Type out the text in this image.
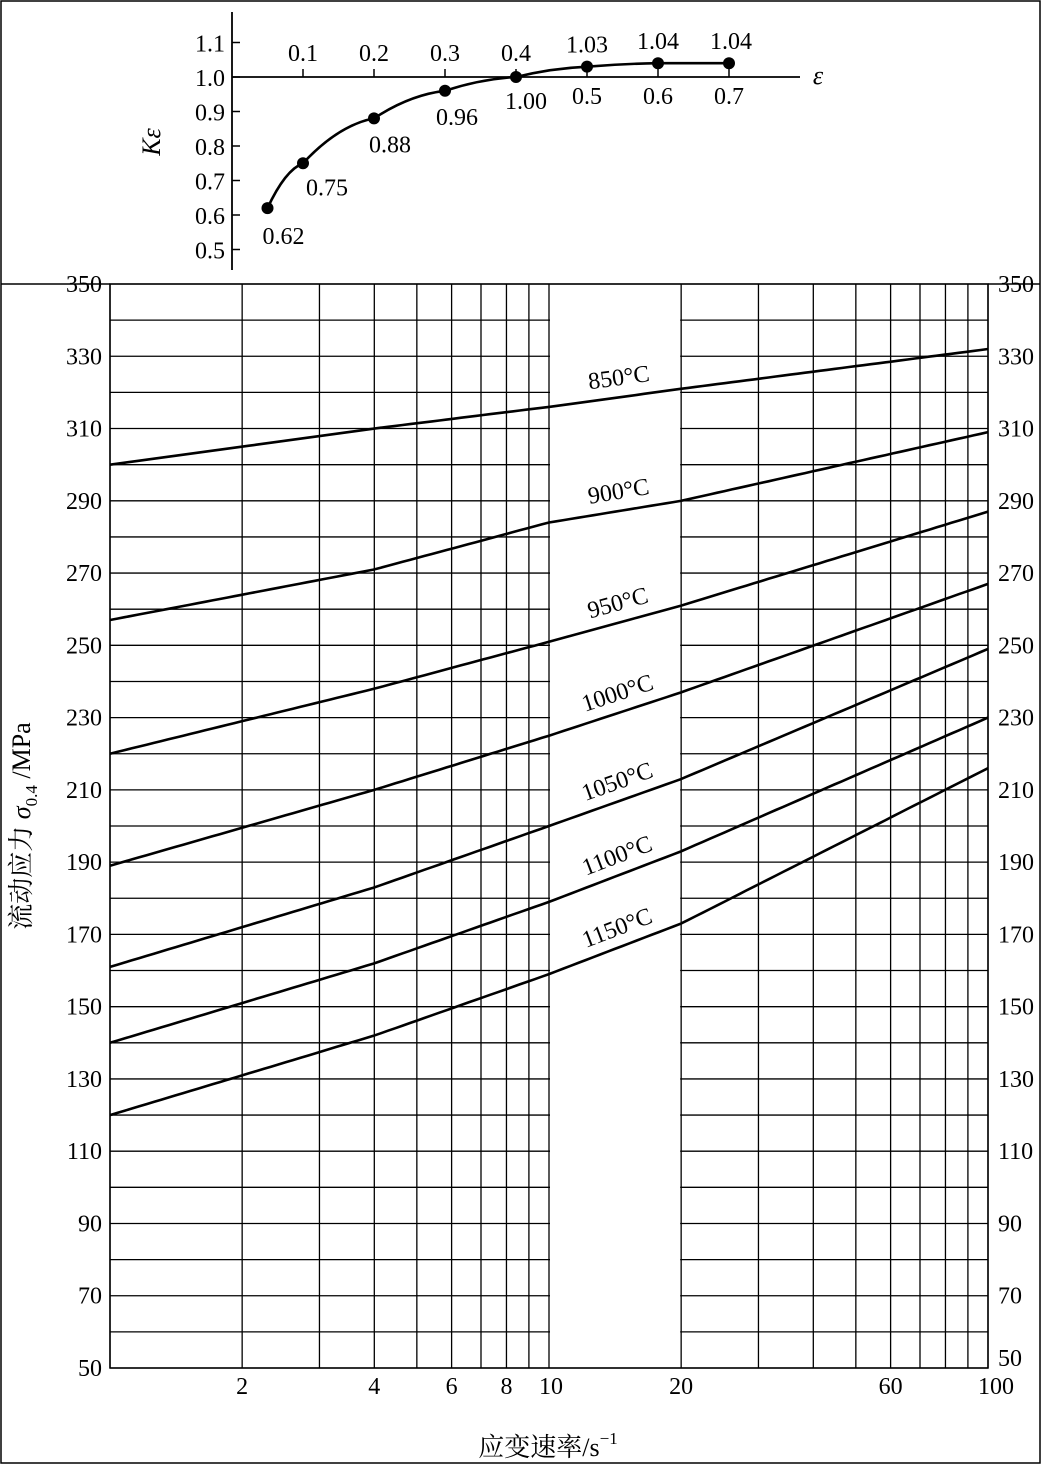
50	50
70	70
90	90
110	110
130	130
150	150
170	170
190	190
210	210
230	230
250	250
270	270
290	290
310	310
330	330
350	350
2	4	6 8 10	20	60	100
850°C
900°C
950°C
1000°C
1050°C
1100°C
1150°C
应变速率$/s^{-1}$
流动应力 $\sigma_{0.4}$ /MPa
0.5
0.6
0.7
0.8
0.9
1.0
1.1	0.1 0.2 0.3 0.4
0.5 0.6 0.7
ε
Kε
0.62
0.75
0.88
0.96
1.00
1.03 1.04 1.04
